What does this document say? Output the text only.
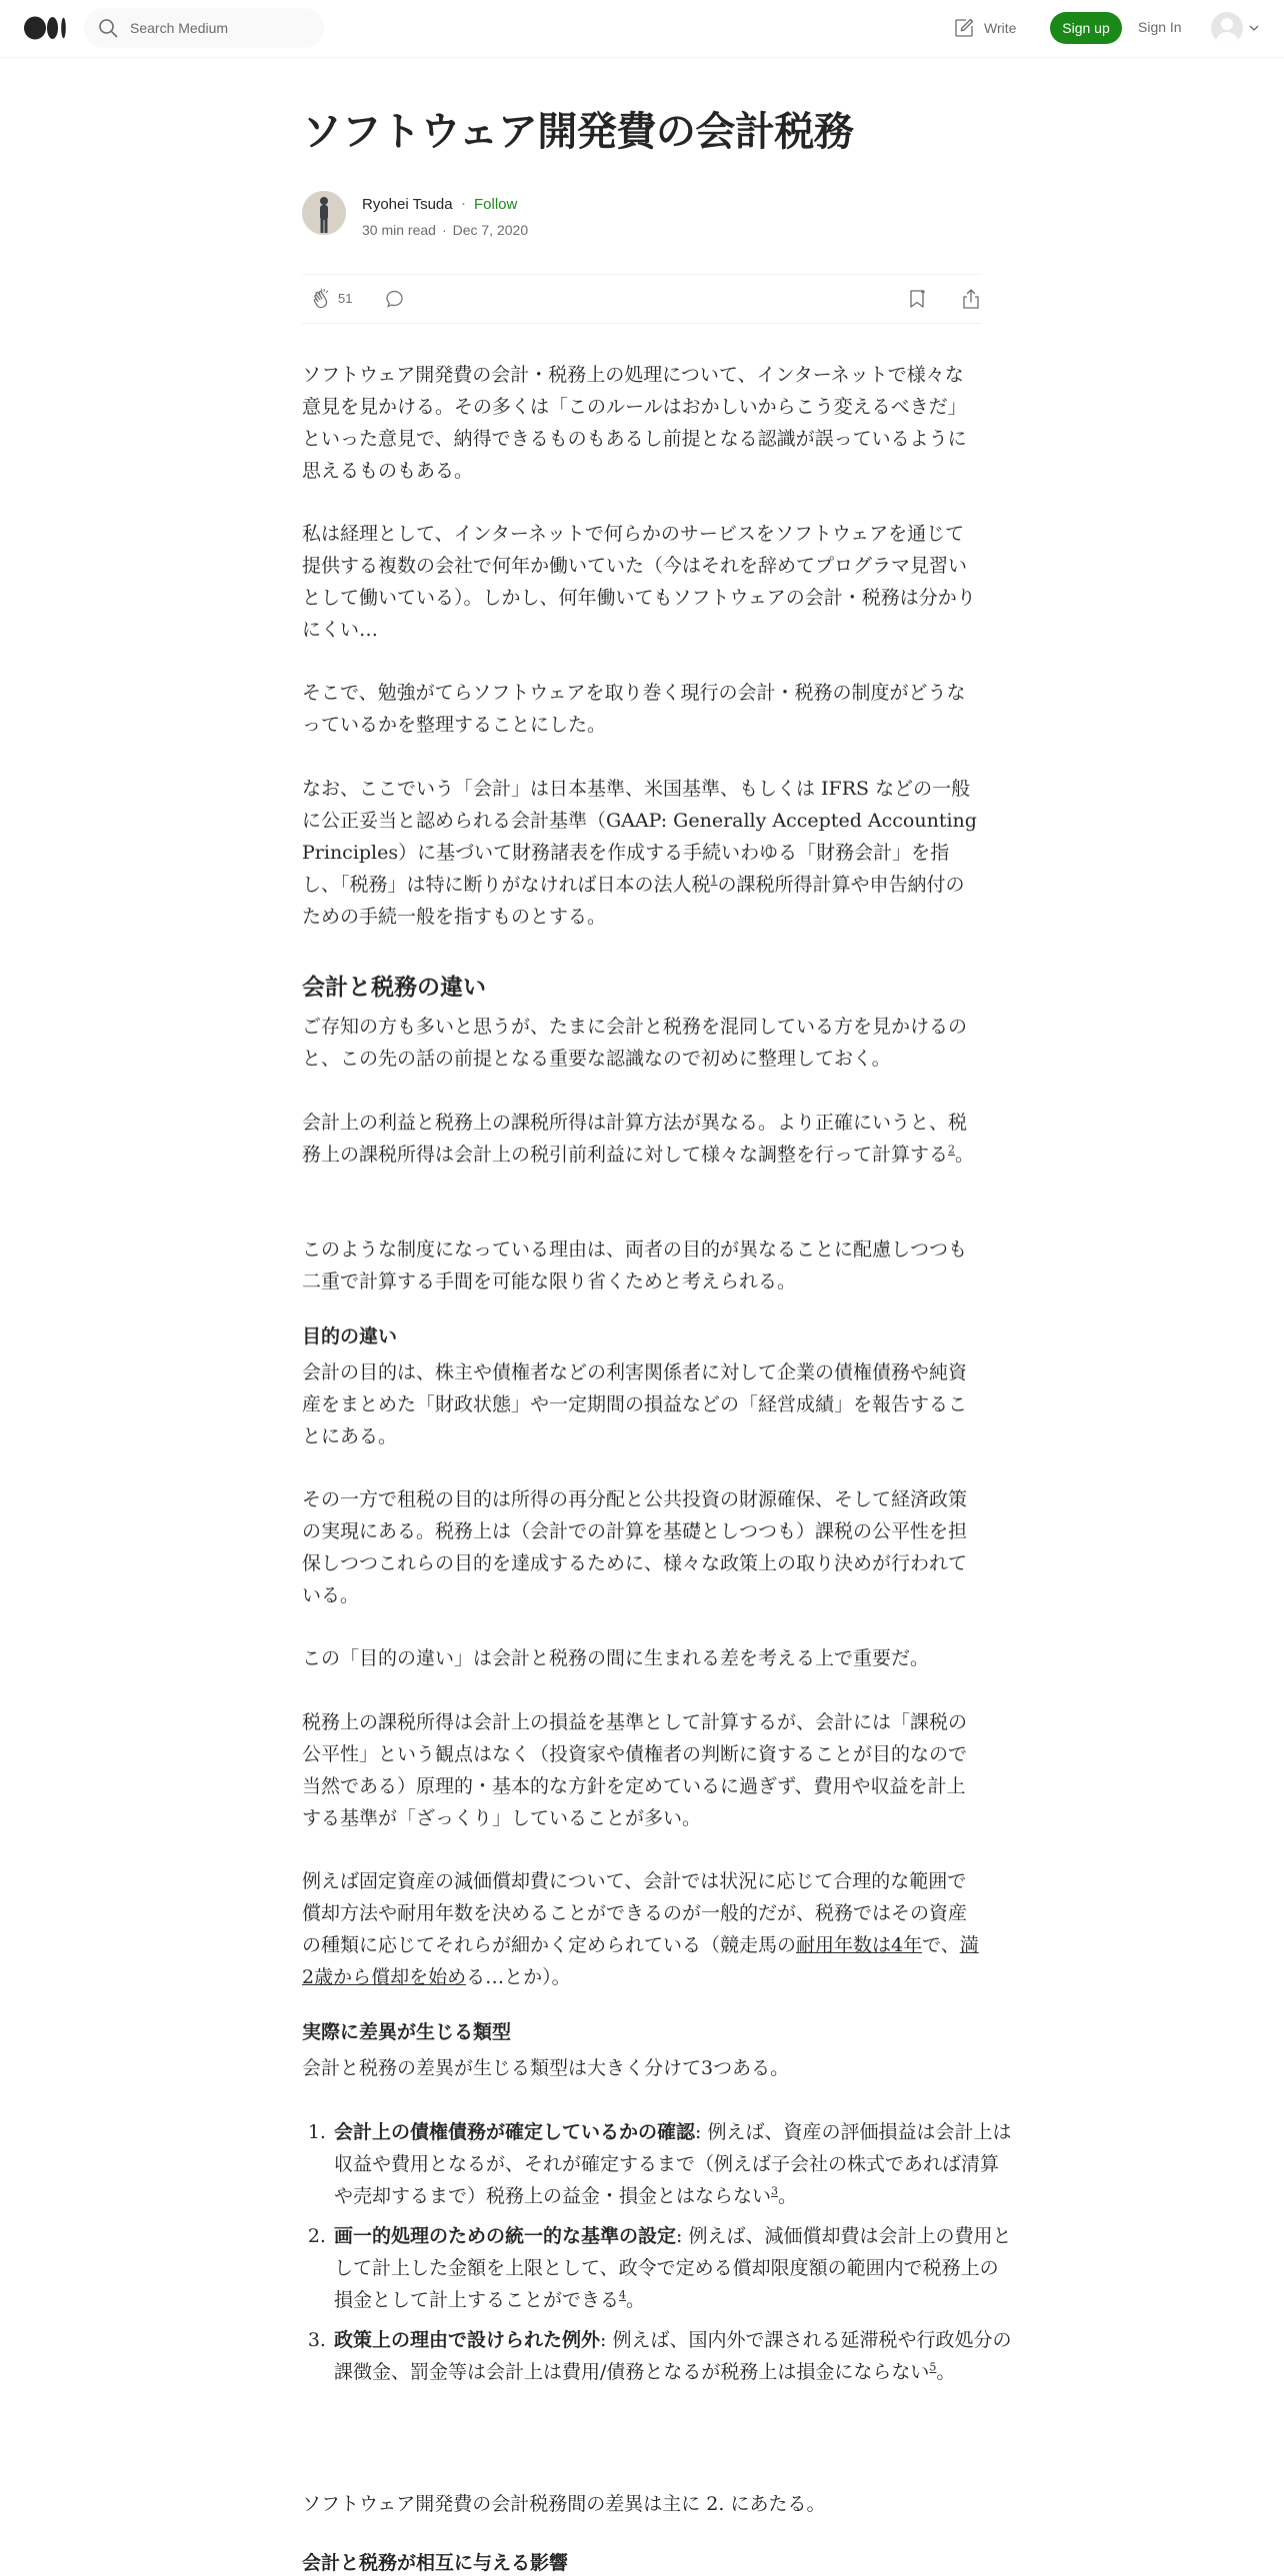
Search Medium
Write	Sign up	Sign In
ソフトウェア開発費の会計税務
Ryohei Tsuda · Follow
30 min read · Dec 7, 2020
51

ソフトウェア開発費の会計・税務上の処理について、インターネットで様々な意見を見かける。その多くは「このルールはおかしいからこう変えるべきだ」といった意見で、納得できるものもあるし前提となる認識が誤っているように思えるものもある。

私は経理として、インターネットで何らかのサービスをソフトウェアを通じて提供する複数の会社で何年か働いていた（今はそれを辞めてプログラマ見習いとして働いている）。しかし、何年働いてもソフトウェアの会計・税務は分かりにくい…

そこで、勉強がてらソフトウェアを取り巻く現行の会計・税務の制度がどうなっているかを整理することにした。

なお、ここでいう「会計」は日本基準、米国基準、もしくは IFRS などの一般に公正妥当と認められる会計基準（GAAP: Generally Accepted Accounting Principles）に基づいて財務諸表を作成する手続いわゆる「財務会計」を指し、「税務」は特に断りがなければ日本の法人税$^1$の課税所得計算や申告納付のための手続一般を指すものとする。

会計と税務の違い

ご存知の方も多いと思うが、たまに会計と税務を混同している方を見かけるのと、この先の話の前提となる重要な認識なので初めに整理しておく。

会計上の利益と税務上の課税所得は計算方法が異なる。より正確にいうと、税務上の課税所得は会計上の税引前利益に対して様々な調整を行って計算する$^2$。

このような制度になっている理由は、両者の目的が異なることに配慮しつつも二重で計算する手間を可能な限り省くためと考えられる。

目的の違い

会計の目的は、株主や債権者などの利害関係者に対して企業の債権債務や純資産をまとめた「財政状態」や一定期間の損益などの「経営成績」を報告することにある。

その一方で租税の目的は所得の再分配と公共投資の財源確保、そして経済政策の実現にある。税務上は（会計での計算を基礎としつつも）課税の公平性を担保しつつこれらの目的を達成するために、様々な政策上の取り決めが行われている。

この「目的の違い」は会計と税務の間に生まれる差を考える上で重要だ。

税務上の課税所得は会計上の損益を基準として計算するが、会計には「課税の公平性」という観点はなく（投資家や債権者の判断に資することが目的なので当然である）原理的・基本的な方針を定めているに過ぎず、費用や収益を計上する基準が「ざっくり」していることが多い。

例えば固定資産の減価償却費について、会計では状況に応じて合理的な範囲で償却方法や耐用年数を決めることができるのが一般的だが、税務ではその資産の種類に応じてそれらが細かく定められている（競走馬の耐用年数は4年で、満2歳から償却を始める…とか）。

実際に差異が生じる類型

会計と税務の差異が生じる類型は大きく分けて3つある。

1. 会計上の債権債務が確定しているかの確認: 例えば、資産の評価損益は会計上は収益や費用となるが、それが確定するまで（例えば子会社の株式であれば清算や売却するまで）税務上の益金・損金とはならない$^3$。
2. 画一的処理のための統一的な基準の設定: 例えば、減価償却費は会計上の費用として計上した金額を上限として、政令で定める償却限度額の範囲内で税務上の損金として計上することができる$^4$。
3. 政策上の理由で設けられた例外: 例えば、国内外で課される延滞税や行政処分の課徴金、罰金等は会計上は費用/債務となるが税務上は損金にならない$^5$。

ソフトウェア開発費の会計税務間の差異は主に 2. にあたる。

会計と税務が相互に与える影響
